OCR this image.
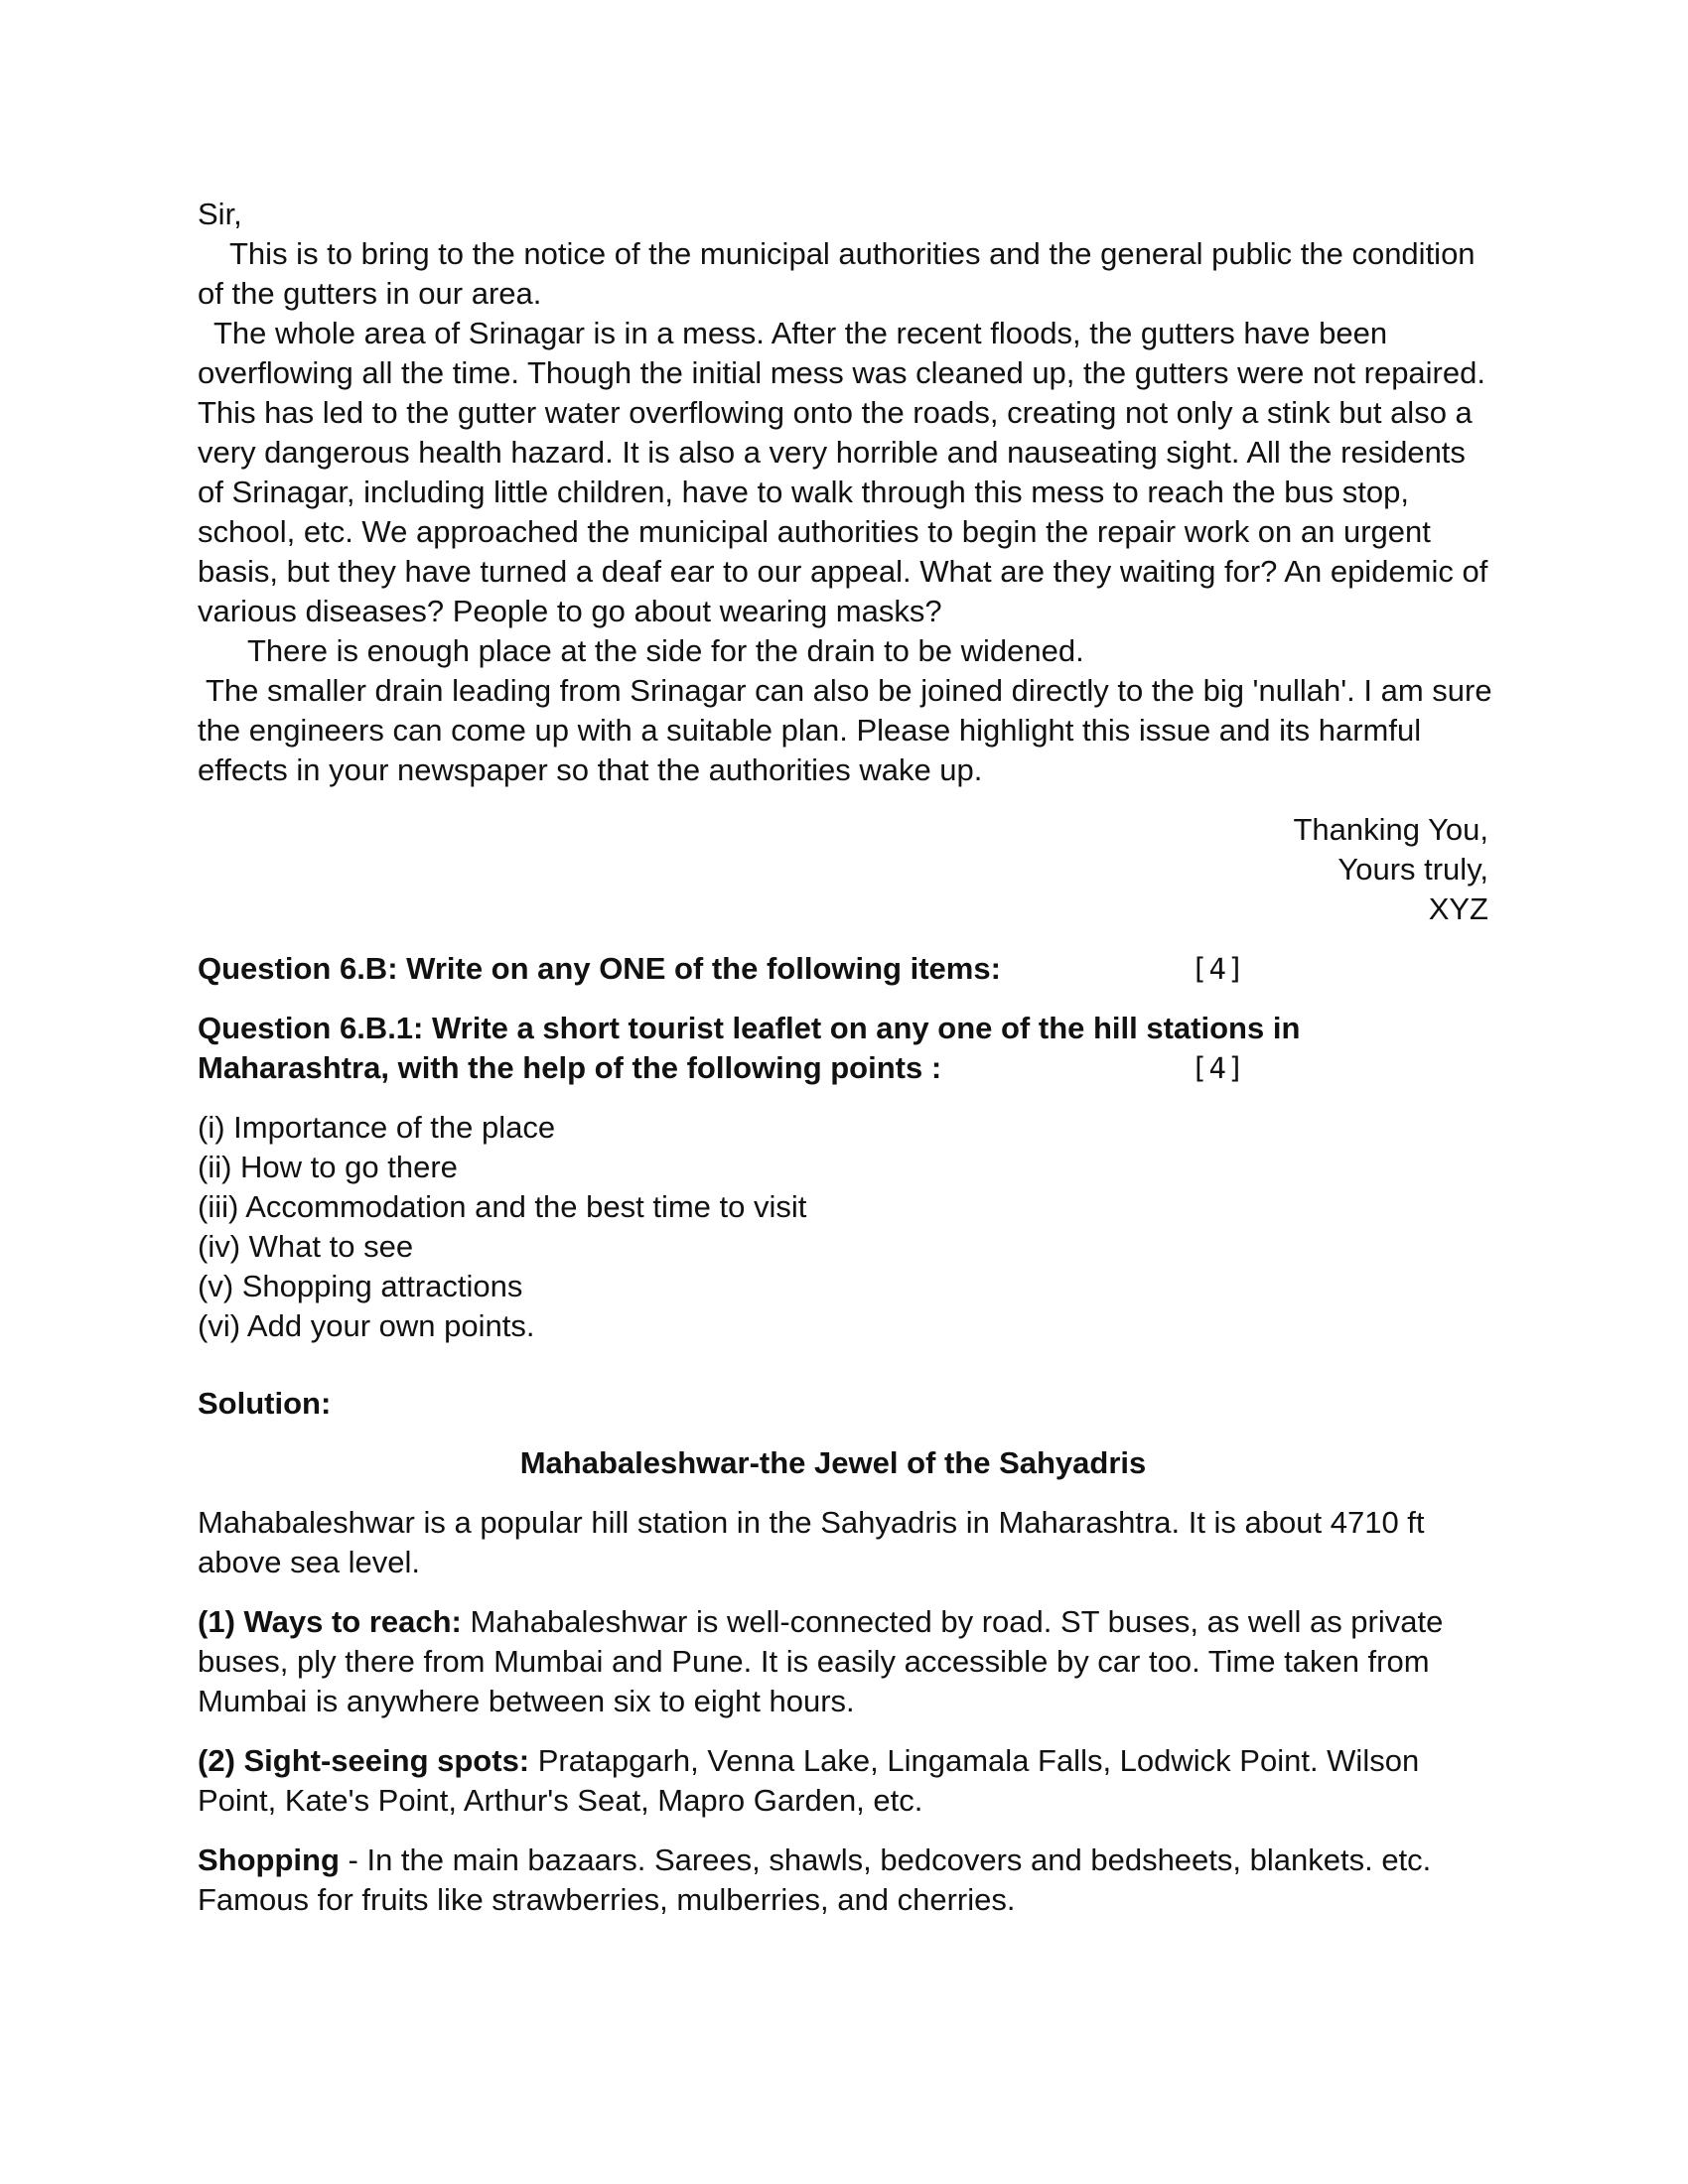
Sir,

This is to bring to the notice of the municipal authorities and the general public the condition of the gutters in our area.

The whole area of Srinagar is in a mess. After the recent floods, the gutters have been overflowing all the time. Though the initial mess was cleaned up, the gutters were not repaired. This has led to the gutter water overflowing onto the roads, creating not only a stink but also a very dangerous health hazard. It is also a very horrible and nauseating sight. All the residents of Srinagar, including little children, have to walk through this mess to reach the bus stop, school, etc. We approached the municipal authorities to begin the repair work on an urgent basis, but they have turned a deaf ear to our appeal. What are they waiting for? An epidemic of various diseases? People to go about wearing masks?

There is enough place at the side for the drain to be widened.

The smaller drain leading from Srinagar can also be joined directly to the big 'nullah'. I am sure the engineers can come up with a suitable plan. Please highlight this issue and its harmful effects in your newspaper so that the authorities wake up.

Thanking You,

Yours truly,

XYZ

Question 6.B: Write on any ONE of the following items:	[4]

Question 6.B.1: Write a short tourist leaflet on any one of the hill stations in

Maharashtra, with the help of the following points :	[4]

(i) Importance of the place

(ii) How to go there

(iii) Accommodation and the best time to visit

(iv) What to see

(v) Shopping attractions

(vi) Add your own points.

Solution:

Mahabaleshwar-the Jewel of the Sahyadris

Mahabaleshwar is a popular hill station in the Sahyadris in Maharashtra. It is about 4710 ft above sea level.

(1) Ways to reach: Mahabaleshwar is well-connected by road. ST buses, as well as private buses, ply there from Mumbai and Pune. It is easily accessible by car too. Time taken from Mumbai is anywhere between six to eight hours.

(2) Sight-seeing spots: Pratapgarh, Venna Lake, Lingamala Falls, Lodwick Point. Wilson Point, Kate's Point, Arthur's Seat, Mapro Garden, etc.

Shopping - In the main bazaars. Sarees, shawls, bedcovers and bedsheets, blankets. etc. Famous for fruits like strawberries, mulberries, and cherries.
